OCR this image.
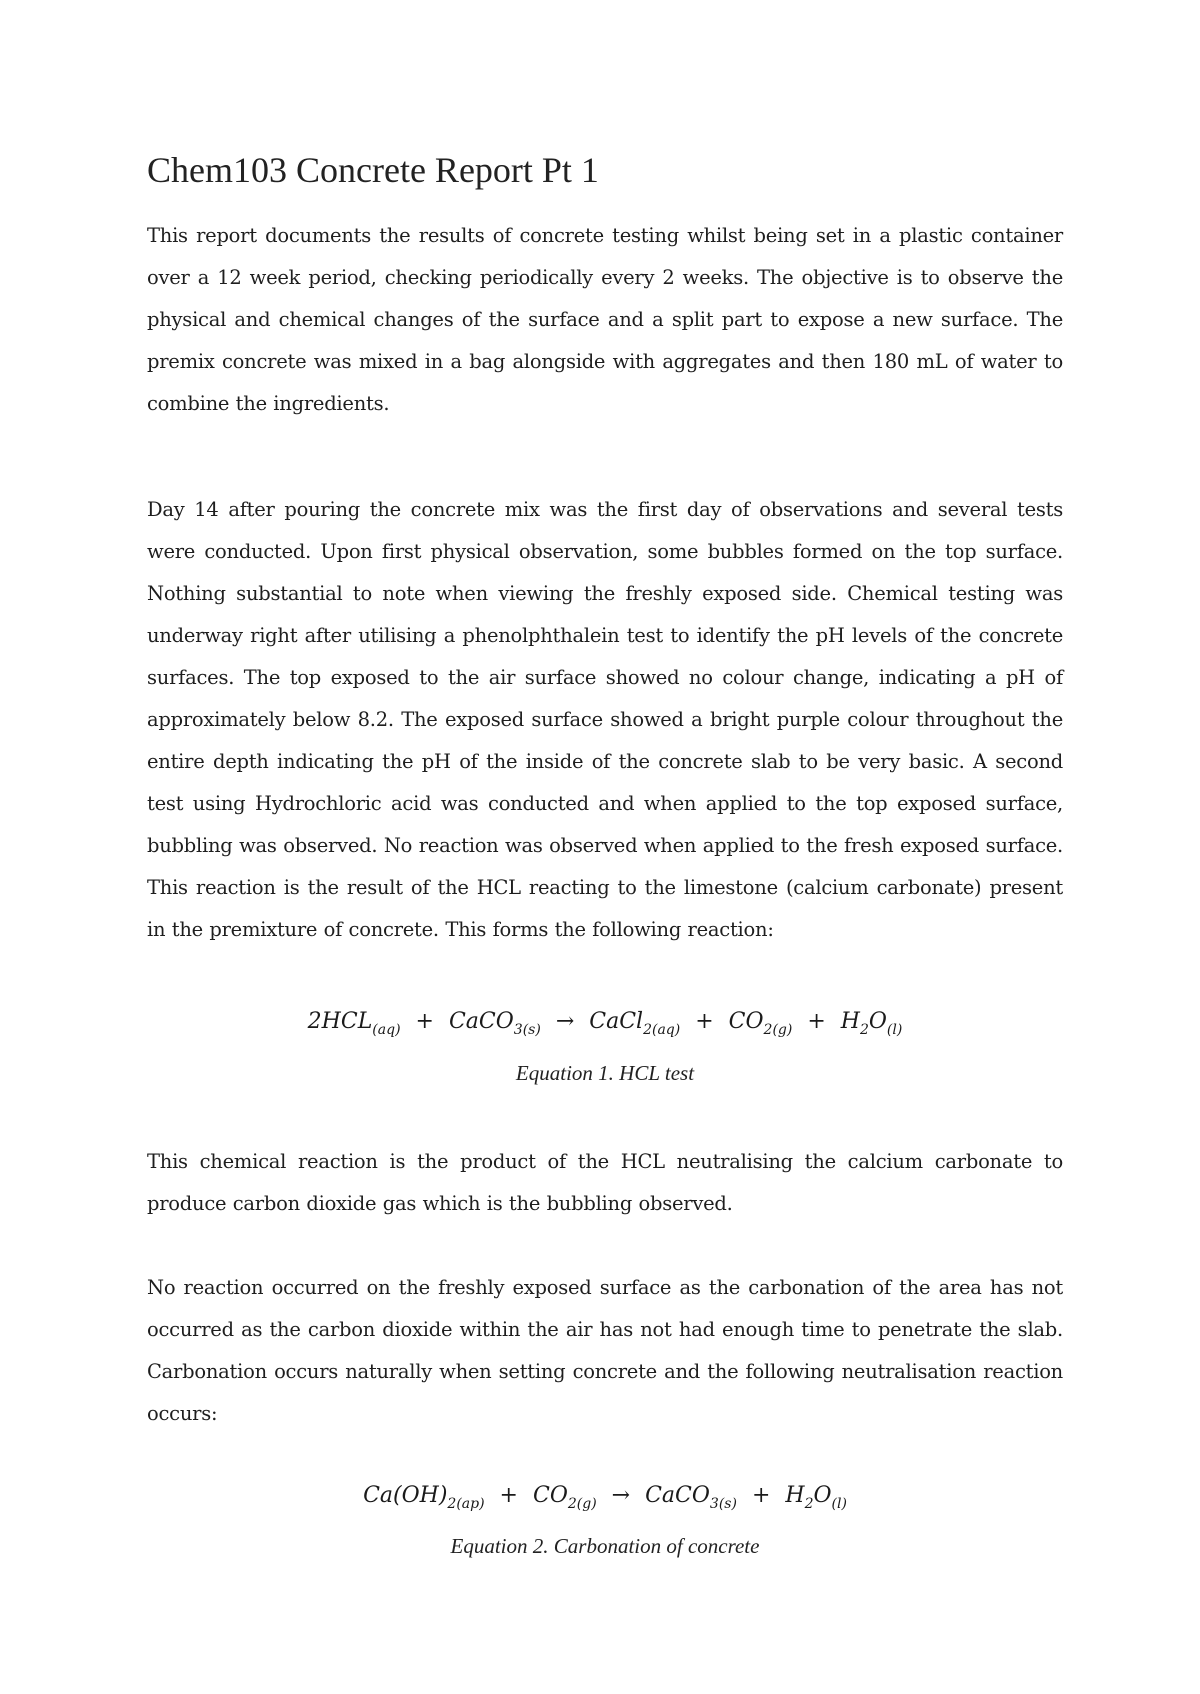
Chem103 Concrete Report Pt 1

This report documents the results of concrete testing whilst being set in a plastic container over a 12 week period, checking periodically every 2 weeks. The objective is to observe the physical and chemical changes of the surface and a split part to expose a new surface. The premix concrete was mixed in a bag alongside with aggregates and then 180 mL of water to combine the ingredients.

Day 14 after pouring the concrete mix was the first day of observations and several tests were conducted. Upon first physical observation, some bubbles formed on the top surface. Nothing substantial to note when viewing the freshly exposed side. Chemical testing was underway right after utilising a phenolphthalein test to identify the pH levels of the concrete surfaces. The top exposed to the air surface showed no colour change, indicating a pH of approximately below 8.2. The exposed surface showed a bright purple colour throughout the entire depth indicating the pH of the inside of the concrete slab to be very basic. A second test using Hydrochloric acid was conducted and when applied to the top exposed surface, bubbling was observed. No reaction was observed when applied to the fresh exposed surface. This reaction is the result of the HCL reacting to the limestone (calcium carbonate) present in the premixture of concrete. This forms the following reaction:

$2HCL_{(aq)}$ + CaCO$_{3(s)}$ → CaCl$_{2(aq)}$ + $CO_{2(g)} + H_2O_{(l)}$
Equation 1. HCL test

This chemical reaction is the product of the HCL neutralising the calcium carbonate to produce carbon dioxide gas which is the bubbling observed.

No reaction occurred on the freshly exposed surface as the carbonation of the area has not occurred as the carbon dioxide within the air has not had enough time to penetrate the slab. Carbonation occurs naturally when setting concrete and the following neutralisation reaction occurs:

$Ca(OH)_{2(ap)} + CO_{2(g)}$ → CaCO$_{3(s)}$ + $H_2O_{(l)}$
Equation 2. Carbonation of concrete
